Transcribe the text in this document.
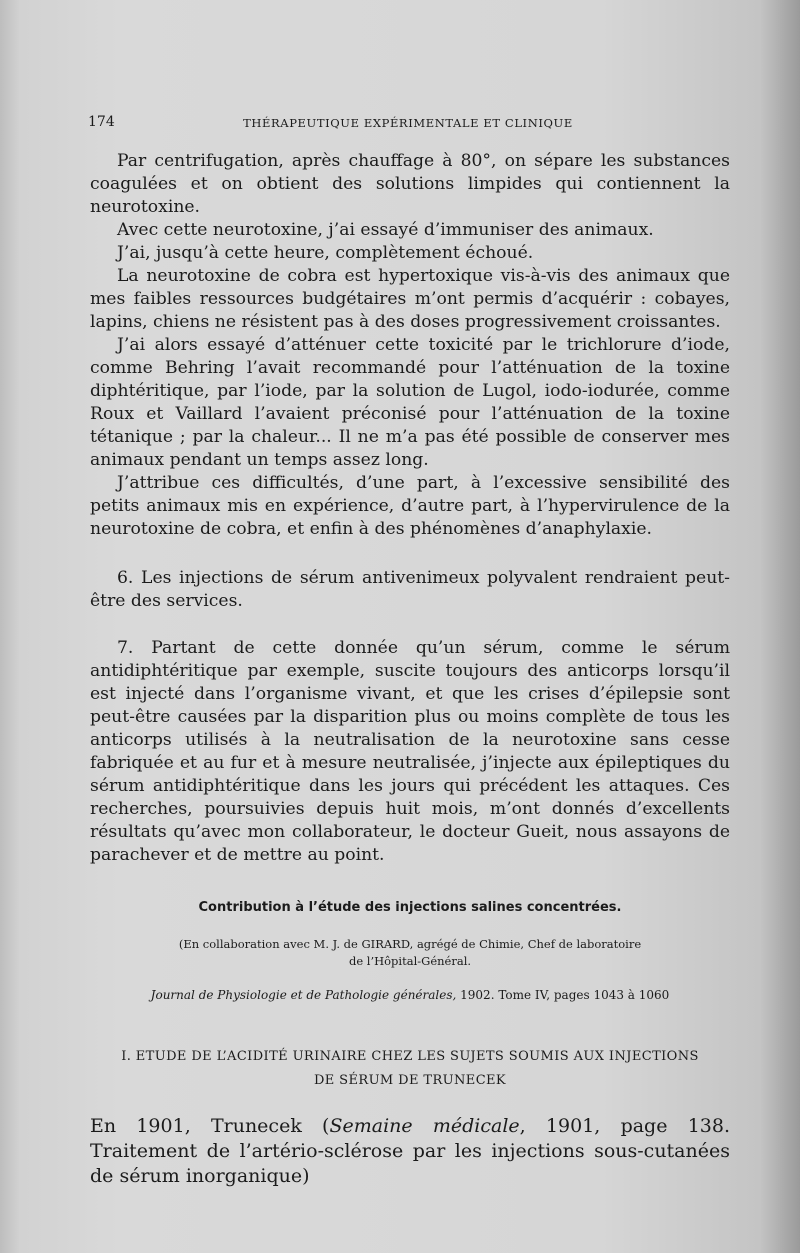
174	THÉRAPEUTIQUE EXPÉRIMENTALE ET CLINIQUE

Par centrifugation, après chauffage à 80°, on sépare les substances coagulées et on obtient des solutions limpides qui contiennent la neurotoxine.

Avec cette neurotoxine, j’ai essayé d’immuniser des animaux.

J’ai, jusqu’à cette heure, complètement échoué.

La neurotoxine de cobra est hypertoxique vis-à-vis des animaux que mes faibles ressources budgétaires m’ont permis d’acquérir : cobayes, lapins, chiens ne résistent pas à des doses progressivement croissantes.

J’ai alors essayé d’atténuer cette toxicité par le trichlorure d’iode, comme Behring l’avait recommandé pour l’atténuation de la toxine diphtéritique, par l’iode, par la solution de Lugol, iodo-iodurée, comme Roux et Vaillard l’avaient préconisé pour l’atténuation de la toxine tétanique ; par la chaleur... Il ne m’a pas été possible de conserver mes animaux pendant un temps assez long.

J’attribue ces difficultés, d’une part, à l’excessive sensibilité des petits animaux mis en expérience, d’autre part, à l’hypervirulence de la neurotoxine de cobra, et enfin à des phénomènes d’anaphylaxie.

6. Les injections de sérum antivenimeux polyvalent rendraient peut-être des services.

7. Partant de cette donnée qu’un sérum, comme le sérum antidiphtéritique par exemple, suscite toujours des anticorps lorsqu’il est injecté dans l’organisme vivant, et que les crises d’épilepsie sont peut-être causées par la disparition plus ou moins complète de tous les anticorps utilisés à la neutralisation de la neurotoxine sans cesse fabriquée et au fur et à mesure neutralisée, j’injecte aux épileptiques du sérum antidiphtéritique dans les jours qui précédent les attaques. Ces recherches, poursuivies depuis huit mois, m’ont donnés d’excellents résultats qu’avec mon collaborateur, le docteur Gueit, nous assayons de parachever et de mettre au point.

Contribution à l’étude des injections salines concentrées.
(En collaboration avec M. J. de GIRARD, agrégé de Chimie, Chef de laboratoire
de l’Hôpital-Général.
Journal de Physiologie et de Pathologie générales, 1902. Tome IV, pages 1043 à 1060
I. ETUDE DE L’ACIDITÉ URINAIRE CHEZ LES SUJETS SOUMIS AUX INJECTIONS
DE SÉRUM DE TRUNECEK
En 1901, Trunecek (Semaine médicale, 1901, page 138. Traitement de l’artério-sclérose par les injections sous-cutanées de sérum inorganique)
